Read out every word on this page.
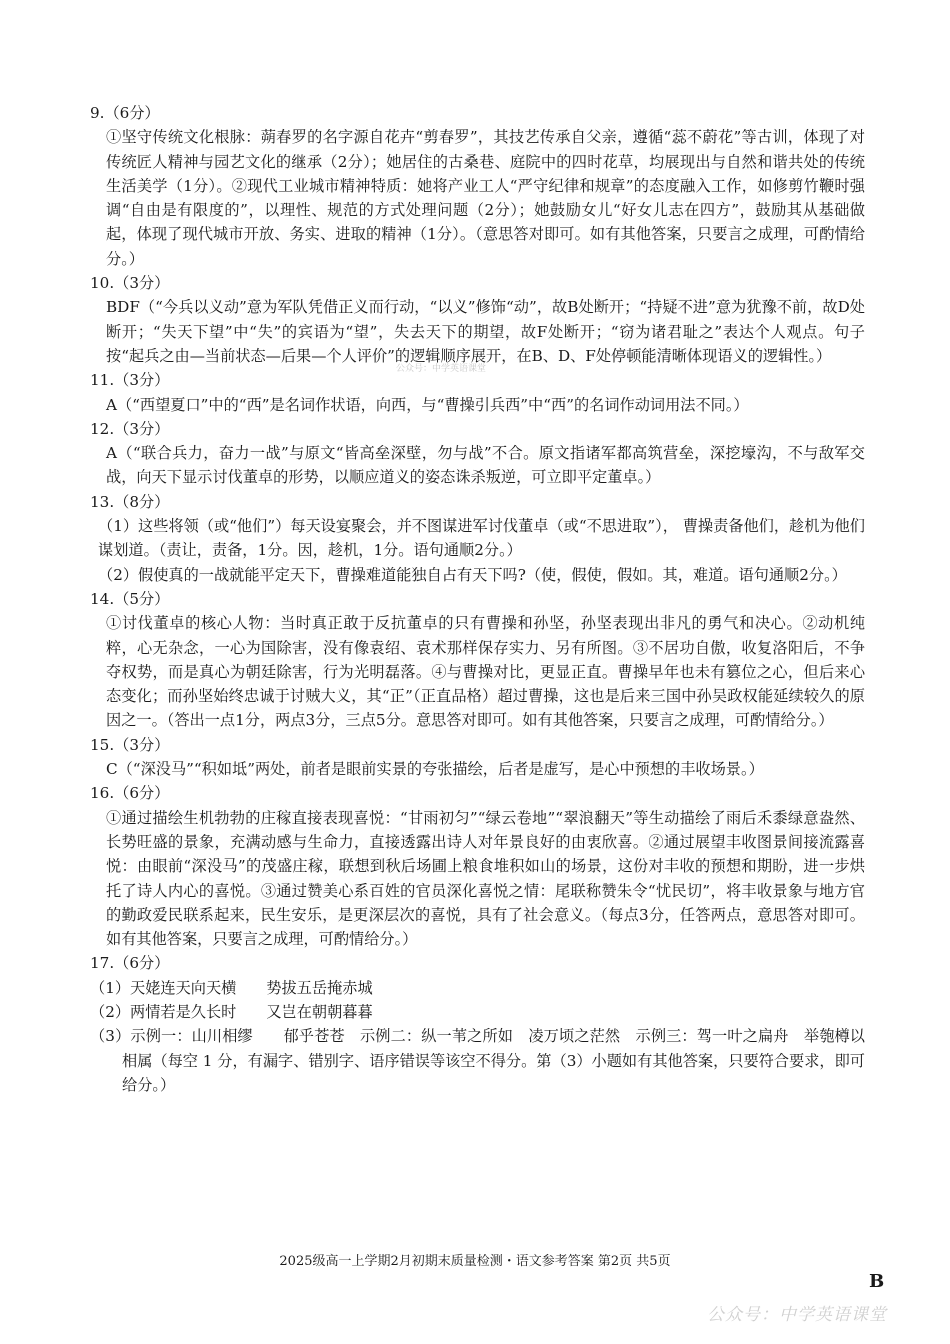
9.（6分）

①坚守传统文化根脉：蒴春罗的名字源自花卉“剪春罗”，其技艺传承自父亲，遵循“蕊不蔚花”等古训，体现了对传统匠人精神与园艺文化的继承（2分）；她居住的古桑巷、庭院中的四时花草，均展现出与自然和谐共处的传统生活美学（1分）。②现代工业城市精神特质：她将产业工人“严守纪律和规章”的态度融入工作，如修剪竹鞭时强调“自由是有限度的”，以理性、规范的方式处理问题（2分）；她鼓励女儿“好女儿志在四方”，鼓励其从基础做起，体现了现代城市开放、务实、进取的精神（1分）。（意思答对即可。如有其他答案，只要言之成理，可酌情给分。）

10.（3分）

BDF（“今兵以义动”意为军队凭借正义而行动，“以义”修饰“动”，故B处断开；“持疑不进”意为犹豫不前，故D处断开；“失天下望”中“失”的宾语为“望”，失去天下的期望，故F处断开；“窃为诸君耻之”表达个人观点。句子按“起兵之由—当前状态—后果—个人评价”的逻辑顺序展开，在B、D、F处停顿能清晰体现语义的逻辑性。）

11.（3分）

A（“西望夏口”中的“西”是名词作状语，向西，与“曹操引兵西”中“西”的名词作动词用法不同。）

12.（3分）

A（“联合兵力，奋力一战”与原文“皆高垒深壁，勿与战”不合。原文指诸军都高筑营垒，深挖壕沟，不与敌军交战，向天下显示讨伐董卓的形势，以顺应道义的姿态诛杀叛逆，可立即平定董卓。）

13.（8分）

（1）这些将领（或“他们”）每天设宴聚会，并不图谋进军讨伐董卓（或“不思进取”）， 曹操责备他们，趁机为他们谋划道。（责让，责备，1分。因，趁机，1分。语句通顺2分。）

（2）假使真的一战就能平定天下，曹操难道能独自占有天下吗?（使，假使，假如。其，难道。语句通顺2分。）

14.（5分）

①讨伐董卓的核心人物：当时真正敢于反抗董卓的只有曹操和孙坚，孙坚表现出非凡的勇气和决心。②动机纯粹，心无杂念，一心为国除害，没有像袁绍、袁术那样保存实力、另有所图。③不居功自傲，收复洛阳后，不争夺权势，而是真心为朝廷除害，行为光明磊落。④与曹操对比，更显正直。曹操早年也未有篡位之心，但后来心态变化；而孙坚始终忠诚于讨贼大义，其“正”（正直品格）超过曹操，这也是后来三国中孙吴政权能延续较久的原因之一。（答出一点1分，两点3分，三点5分。意思答对即可。如有其他答案，只要言之成理，可酌情给分。）

15.（3分）

C（“深没马”“积如坻”两处，前者是眼前实景的夸张描绘，后者是虚写，是心中预想的丰收场景。）

16.（6分）

①通过描绘生机勃勃的庄稼直接表现喜悦：“甘雨初匀”“绿云卷地”“翠浪翻天”等生动描绘了雨后禾黍绿意盎然、长势旺盛的景象，充满动感与生命力，直接透露出诗人对年景良好的由衷欣喜。②通过展望丰收图景间接流露喜悦：由眼前“深没马”的茂盛庄稼，联想到秋后场圃上粮食堆积如山的场景，这份对丰收的预想和期盼，进一步烘托了诗人内心的喜悦。③通过赞美心系百姓的官员深化喜悦之情：尾联称赞朱令“忧民切”，将丰收景象与地方官的勤政爱民联系起来，民生安乐，是更深层次的喜悦，具有了社会意义。（每点3分，任答两点，意思答对即可。如有其他答案，只要言之成理，可酌情给分。）

17.（6分）

（1）天姥连天向天横 势拔五岳掩赤城

（2）两情若是久长时 又岂在朝朝暮暮

（3）示例一：山川相缪　　郁乎苍苍　示例二：纵一苇之所如　凌万顷之茫然　示例三：驾一叶之扁舟　举匏樽以相属（每空 1 分，有漏字、错别字、语序错误等该空不得分。第（3）小题如有其他答案，只要符合要求，即可给分。）

公众号：中学英语课堂
2025级高一上学期2月初期末质量检测・语文参考答案 第2页 共5页
B
公众号：中学英语课堂
